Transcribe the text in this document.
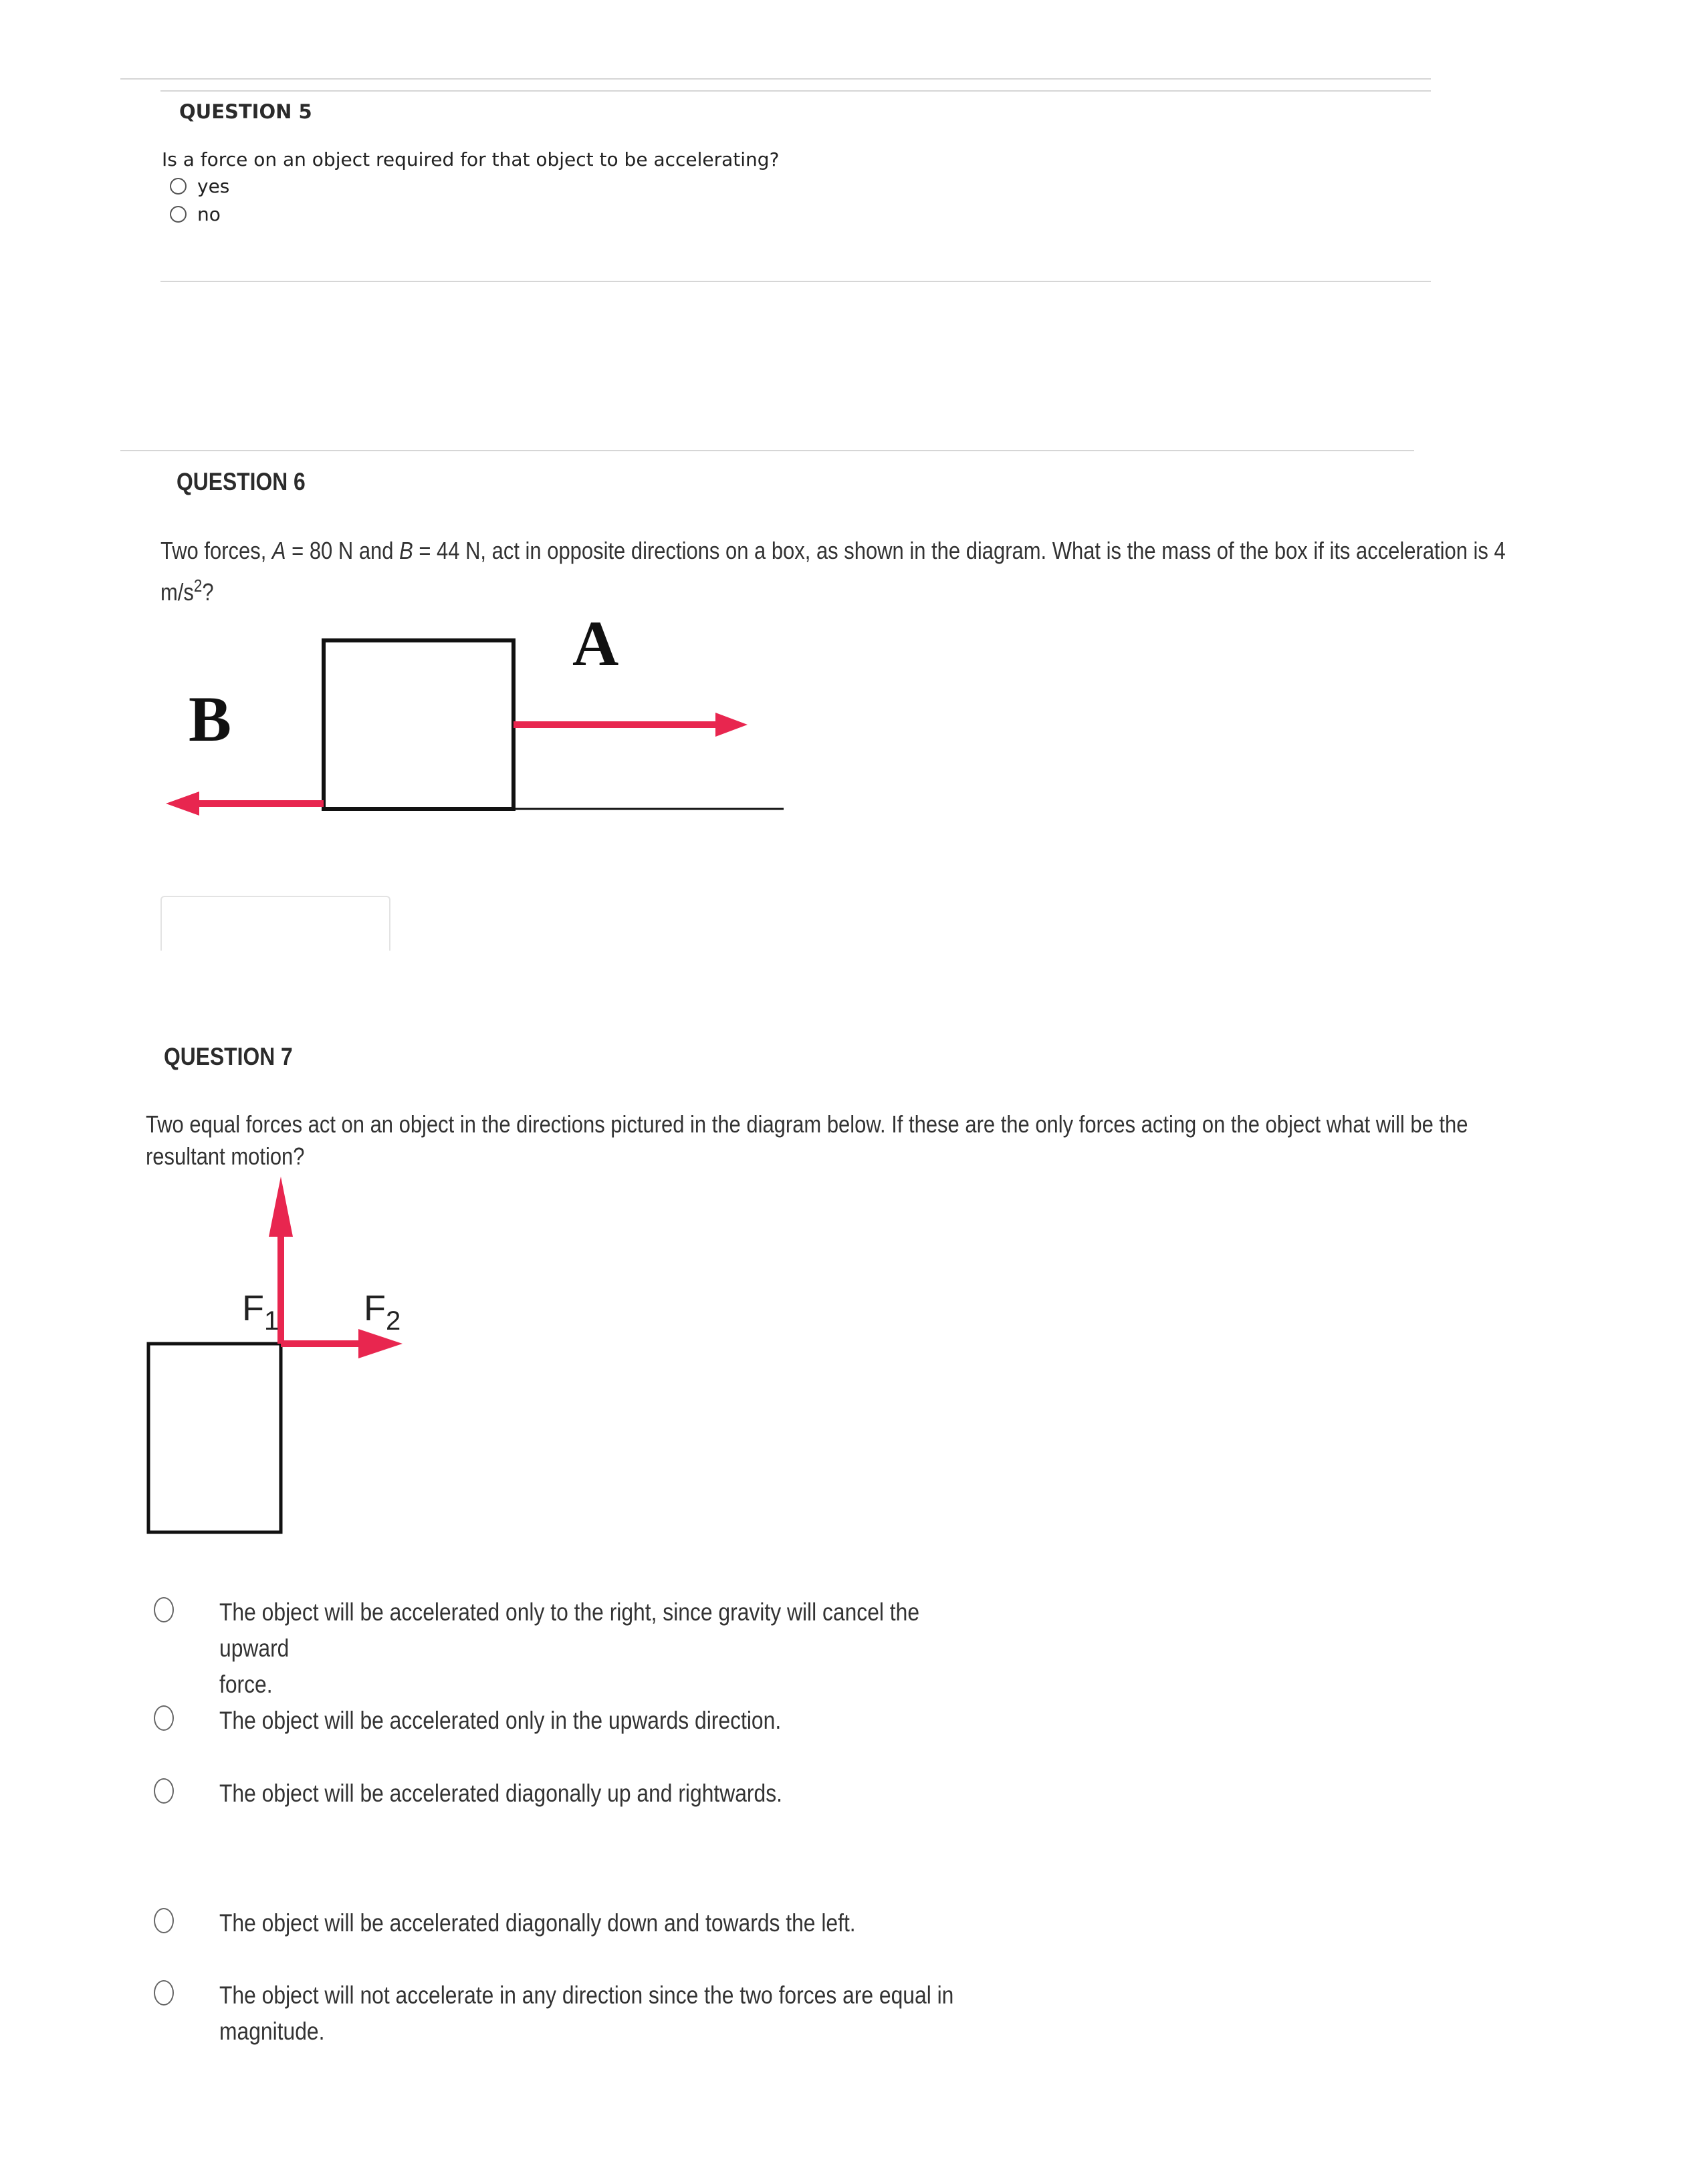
QUESTION 5
Is a force on an object required for that object to be accelerating?
yes
no
QUESTION 6
Two forces, A = 80 N and B = 44 N, act in opposite directions on a box, as shown in the diagram. What is the mass of the box if its acceleration is 4
$m/s^2$?
A
B
QUESTION 7
Two equal forces act on an object in the directions pictured in the diagram below. If these are the only forces acting on the object what will be the
resultant motion?
$F_1$ $F_2$
The object will be accelerated only to the right, since gravity will cancel the upward
force.
The object will be accelerated only in the upwards direction.
The object will be accelerated diagonally up and rightwards.
The object will be accelerated diagonally down and towards the left.
The object will not accelerate in any direction since the two forces are equal in
magnitude.
